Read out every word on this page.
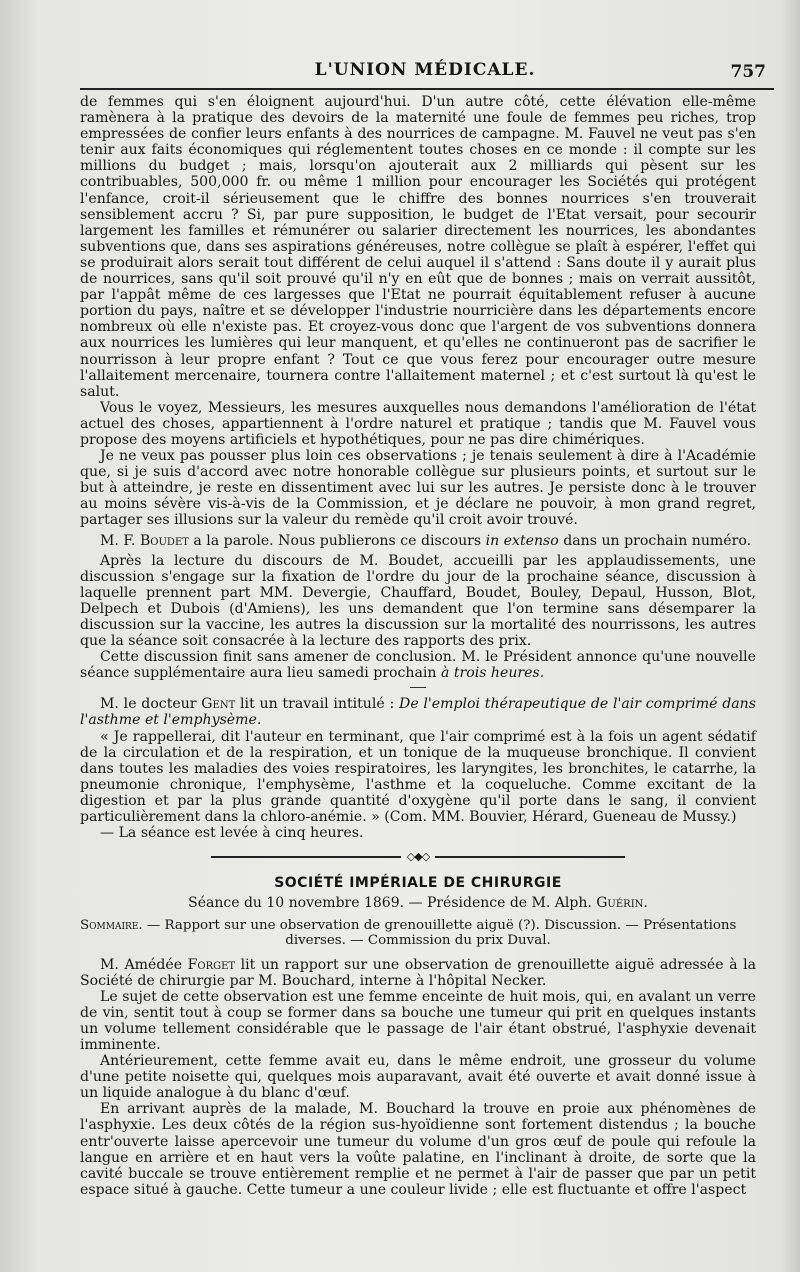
L'UNION MÉDICALE.	757

de femmes qui s'en éloignent aujourd'hui. D'un autre côté, cette élévation elle-même ramènera à la pratique des devoirs de la maternité une foule de femmes peu riches, trop empressées de confier leurs enfants à des nourrices de campagne. M. Fauvel ne veut pas s'en tenir aux faits économiques qui réglementent toutes choses en ce monde : il compte sur les millions du budget ; mais, lorsqu'on ajouterait aux 2 milliards qui pèsent sur les contribuables, 500,000 fr. ou même 1 million pour encourager les Sociétés qui protégent l'enfance, croit-il sérieusement que le chiffre des bonnes nourrices s'en trouverait sensiblement accru ? Si, par pure supposition, le budget de l'Etat versait, pour secourir largement les familles et rémunérer ou salarier directement les nourrices, les abondantes subventions que, dans ses aspirations généreuses, notre collègue se plaît à espérer, l'effet qui se produirait alors serait tout différent de celui auquel il s'attend : Sans doute il y aurait plus de nourrices, sans qu'il soit prouvé qu'il n'y en eût que de bonnes ; mais on verrait aussitôt, par l'appât même de ces largesses que l'Etat ne pourrait équitablement refuser à aucune portion du pays, naître et se développer l'industrie nourricière dans les départements encore nombreux où elle n'existe pas. Et croyez-vous donc que l'argent de vos subventions donnera aux nourrices les lumières qui leur manquent, et qu'elles ne continueront pas de sacrifier le nourrisson à leur propre enfant ? Tout ce que vous ferez pour encourager outre mesure l'allaitement mercenaire, tournera contre l'allaitement maternel ; et c'est surtout là qu'est le salut.

Vous le voyez, Messieurs, les mesures auxquelles nous demandons l'amélioration de l'état actuel des choses, appartiennent à l'ordre naturel et pratique ; tandis que M. Fauvel vous propose des moyens artificiels et hypothétiques, pour ne pas dire chimériques.

Je ne veux pas pousser plus loin ces observations ; je tenais seulement à dire à l'Académie que, si je suis d'accord avec notre honorable collègue sur plusieurs points, et surtout sur le but à atteindre, je reste en dissentiment avec lui sur les autres. Je persiste donc à le trouver au moins sévère vis-à-vis de la Commission, et je déclare ne pouvoir, à mon grand regret, partager ses illusions sur la valeur du remède qu'il croit avoir trouvé.

M. F. Boudet a la parole. Nous publierons ce discours in extenso dans un prochain numéro.

Après la lecture du discours de M. Boudet, accueilli par les applaudissements, une discussion s'engage sur la fixation de l'ordre du jour de la prochaine séance, discussion à laquelle prennent part MM. Devergie, Chauffard, Boudet, Bouley, Depaul, Husson, Blot, Delpech et Dubois (d'Amiens), les uns demandent que l'on termine sans désemparer la discussion sur la vaccine, les autres la discussion sur la mortalité des nourrissons, les autres que la séance soit consacrée à la lecture des rapports des prix.

Cette discussion finit sans amener de conclusion. M. le Président annonce qu'une nouvelle séance supplémentaire aura lieu samedi prochain à trois heures.

M. le docteur Gent lit un travail intitulé : De l'emploi thérapeutique de l'air comprimé dans l'asthme et l'emphysème.

« Je rappellerai, dit l'auteur en terminant, que l'air comprimé est à la fois un agent sédatif de la circulation et de la respiration, et un tonique de la muqueuse bronchique. Il convient dans toutes les maladies des voies respiratoires, les laryngites, les bronchites, le catarrhe, la pneumonie chronique, l'emphysème, l'asthme et la coqueluche. Comme excitant de la digestion et par la plus grande quantité d'oxygène qu'il porte dans le sang, il convient particulièrement dans la chloro-anémie. » (Com. MM. Bouvier, Hérard, Gueneau de Mussy.)

— La séance est levée à cinq heures.

◇◆◇
SOCIÉTÉ IMPÉRIALE DE CHIRURGIE
Séance du 10 novembre 1869. — Présidence de M. Alph. Guérin.
Sommaire. — Rapport sur une observation de grenouillette aiguë (?). Discussion. — Présentations
diverses. — Commission du prix Duval.

M. Amédée Forget lit un rapport sur une observation de grenouillette aiguë adressée à la Société de chirurgie par M. Bouchard, interne à l'hôpital Necker.

Le sujet de cette observation est une femme enceinte de huit mois, qui, en avalant un verre de vin, sentit tout à coup se former dans sa bouche une tumeur qui prit en quelques instants un volume tellement considérable que le passage de l'air étant obstrué, l'asphyxie devenait imminente.

Antérieurement, cette femme avait eu, dans le même endroit, une grosseur du volume d'une petite noisette qui, quelques mois auparavant, avait été ouverte et avait donné issue à un liquide analogue à du blanc d'œuf.

En arrivant auprès de la malade, M. Bouchard la trouve en proie aux phénomènes de l'asphyxie. Les deux côtés de la région sus-hyoïdienne sont fortement distendus ; la bouche entr'ouverte laisse apercevoir une tumeur du volume d'un gros œuf de poule qui refoule la langue en arrière et en haut vers la voûte palatine, en l'inclinant à droite, de sorte que la cavité buccale se trouve entièrement remplie et ne permet à l'air de passer que par un petit espace situé à gauche. Cette tumeur a une couleur livide ; elle est fluctuante et offre l'aspect
